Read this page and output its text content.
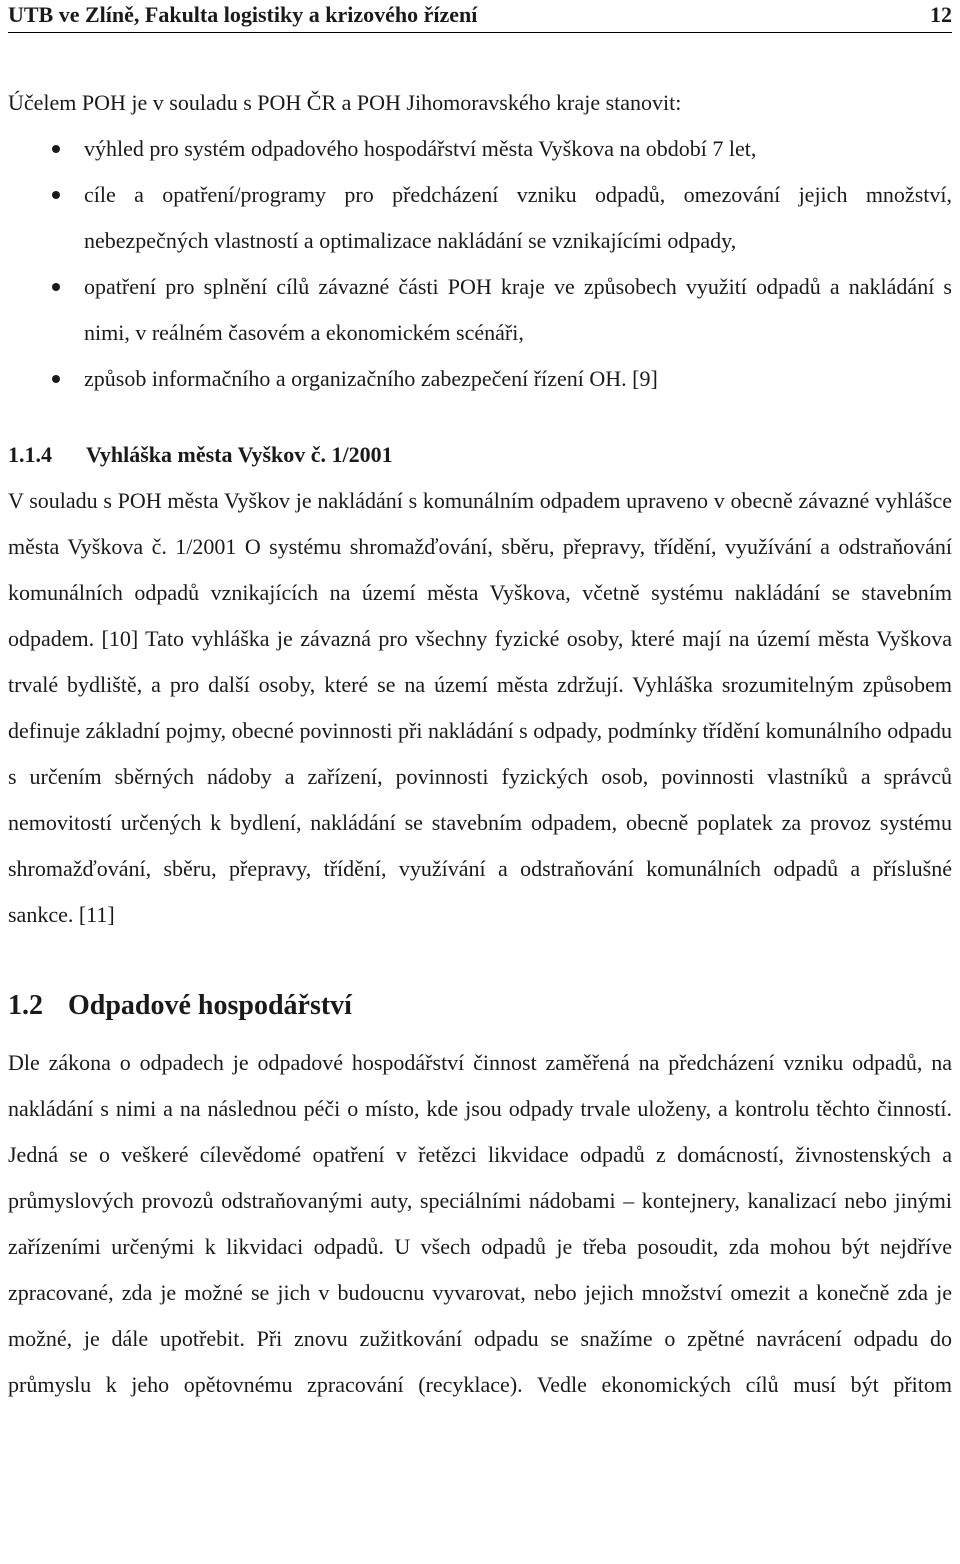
UTB ve Zlíně, Fakulta logistiky a krizového řízení	12

Účelem POH je v souladu s POH ČR a POH Jihomoravského kraje stanovit:

výhled pro systém odpadového hospodářství města Vyškova na období 7 let,
cíle a opatření/programy pro předcházení vzniku odpadů, omezování jejich množství, nebezpečných vlastností a optimalizace nakládání se vznikajícími odpady,
opatření pro splnění cílů závazné části POH kraje ve způsobech využití odpadů a nakládání s nimi, v reálném časovém a ekonomickém scénáři,
způsob informačního a organizačního zabezpečení řízení OH. [9]
1.1.4 Vyhláška města Vyškov č. 1/2001

V souladu s POH města Vyškov je nakládání s komunálním odpadem upraveno v obecně závazné vyhlášce města Vyškova č. 1/2001 O systému shromažďování, sběru, přepravy, třídění, využívání a odstraňování komunálních odpadů vznikajících na území města Vyškova, včetně systému nakládání se stavebním odpadem. [10] Tato vyhláška je závazná pro všechny fyzické osoby, které mají na území města Vyškova trvalé bydliště, a pro další osoby, které se na území města zdržují. Vyhláška srozumitelným způsobem definuje základní pojmy, obecné povinnosti při nakládání s odpady, podmínky třídění komunálního odpadu s určením sběrných nádoby a zařízení, povinnosti fyzických osob, povinnosti vlastníků a správců nemovitostí určených k bydlení, nakládání se stavebním odpadem, obecně poplatek za provoz systému shromažďování, sběru, přepravy, třídění, využívání a odstraňování komunálních odpadů a příslušné sankce. [11]

1.2 Odpadové hospodářství

Dle zákona o odpadech je odpadové hospodářství činnost zaměřená na předcházení vzniku odpadů, na nakládání s nimi a na následnou péči o místo, kde jsou odpady trvale uloženy, a kontrolu těchto činností. Jedná se o veškeré cílevědomé opatření v řetězci likvidace odpadů z domácností, živnostenských a průmyslových provozů odstraňovanými auty, speciálními nádobami – kontejnery, kanalizací nebo jinými zařízeními určenými k likvidaci odpadů. U všech odpadů je třeba posoudit, zda mohou být nejdříve zpracované, zda je možné se jich v budoucnu vyvarovat, nebo jejich množství omezit a konečně zda je možné, je dále upotřebit. Při znovu zužitkování odpadu se snažíme o zpětné navrácení odpadu do průmyslu k jeho opětovnému zpracování (recyklace). Vedle ekonomických cílů musí být přitom
